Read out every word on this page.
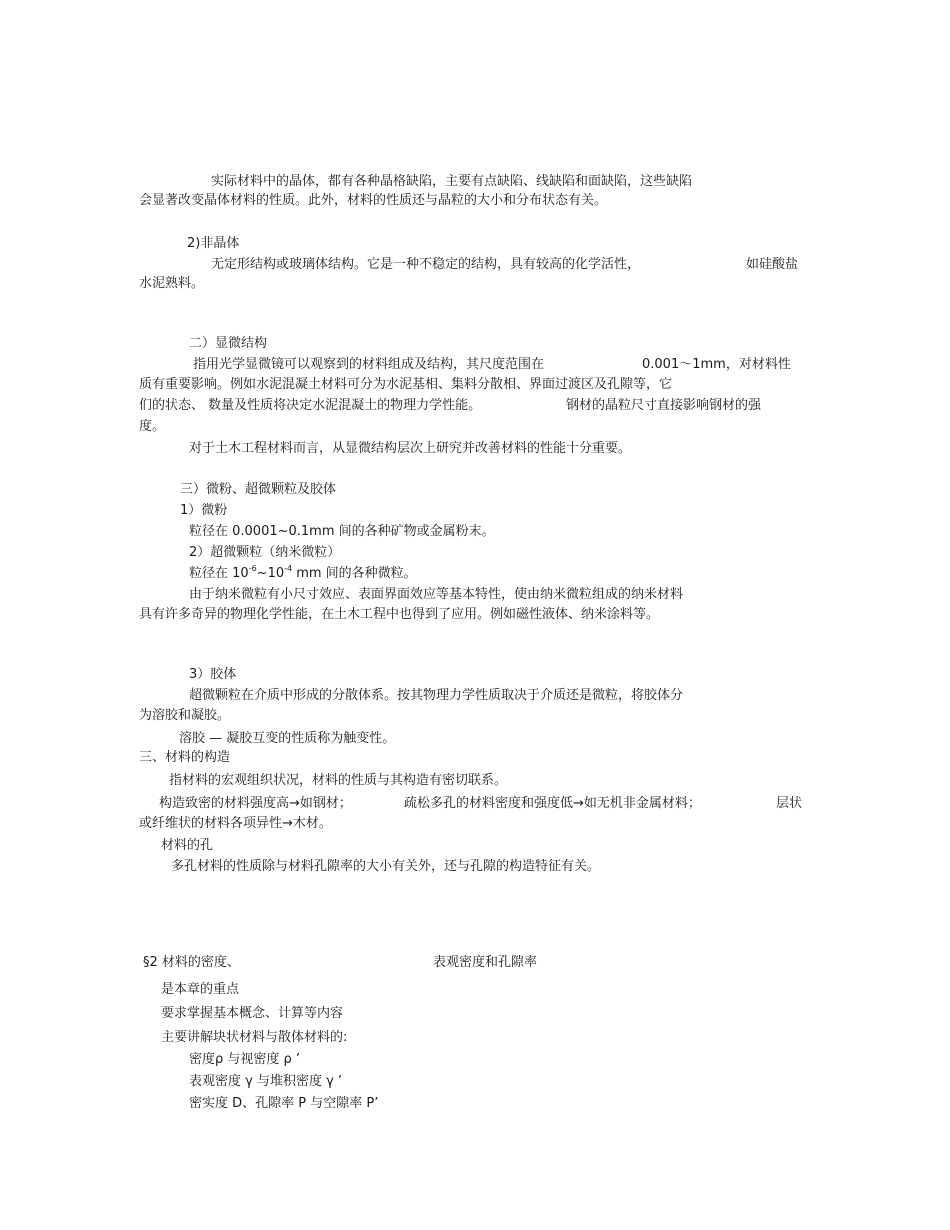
实际材料中的晶体，都有各种晶格缺陷，主要有点缺陷、线缺陷和面缺陷，这些缺陷
会显著改变晶体材料的性质。此外，材料的性质还与晶粒的大小和分布状态有关。
2)非晶体
无定形结构或玻璃体结构。它是一种不稳定的结构，具有较高的化学活性，	如硅酸盐
水泥熟料。
二）显微结构
指用光学显微镜可以观察到的材料组成及结构，其尺度范围在	0.001～1mm，对材料性
质有重要影响。例如水泥混凝土材料可分为水泥基相、集料分散相、界面过渡区及孔隙等，它
们的状态、 数量及性质将决定水泥混凝土的物理力学性能。	钢材的晶粒尺寸直接影响钢材的强
度。
对于土木工程材料而言，从显微结构层次上研究并改善材料的性能十分重要。
三）微粉、超微颗粒及胶体
1）微粉
粒径在 0.0001~0.1mm 间的各种矿物或金属粉末。
2）超微颗粒（纳米微粒）
粒径在 $10^{-6}\sim 10^{-4}$ mm 间的各种微粒。
由于纳米微粒有小尺寸效应、表面界面效应等基本特性，使由纳米微粒组成的纳米材料
具有许多奇异的物理化学性能，在土木工程中也得到了应用。例如磁性液体、纳米涂料等。
3）胶体
超微颗粒在介质中形成的分散体系。按其物理力学性质取决于介质还是微粒，将胶体分
为溶胶和凝胶。
溶胶 — 凝胶互变的性质称为触变性。
三、材料的构造
指材料的宏观组织状况，材料的性质与其构造有密切联系。
构造致密的材料强度高→如钢材；	疏松多孔的材料密度和强度低→如无机非金属材料；	层状
或纤维状的材料各项异性→木材。
材料的孔
多孔材料的性质除与材料孔隙率的大小有关外，还与孔隙的构造特征有关。
§2 材料的密度、	表观密度和孔隙率
是本章的重点
要求掌握基本概念、计算等内容
主要讲解块状材料与散体材料的:
密度ρ 与视密度 ρ ’
表观密度 γ 与堆积密度 γ ’
密实度 D、孔隙率 P 与空隙率 P’
